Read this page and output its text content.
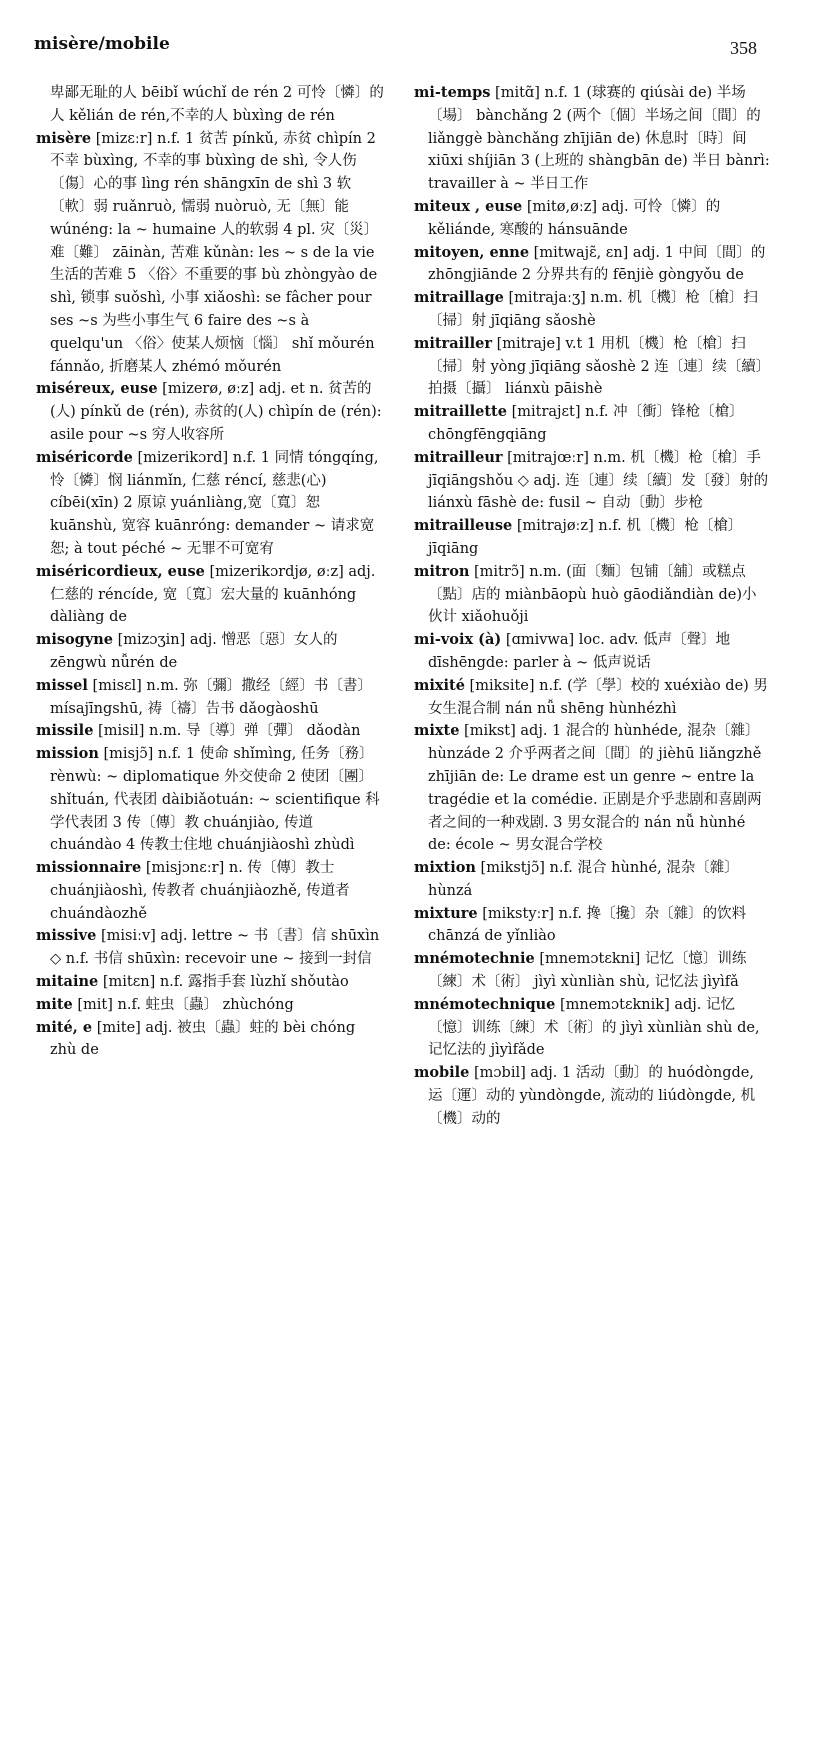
misère/mobile	358

卑鄙无耻的人 bēibǐ wúchǐ de rén 2 可怜〔憐〕的人 kělián de rén,不幸的人 bùxìng de rén

misère [mizɛːr] n.f. 1 贫苦 pínkǔ, 赤贫 chìpín 2 不幸 bùxìng, 不幸的事 bùxìng de shì, 令人伤〔傷〕心的事 lìng rén shāngxīn de shì 3 软〔軟〕弱 ruǎnruò, 懦弱 nuòruò, 无〔無〕能 wúnéng: la ~ humaine 人的软弱 4 pl. 灾〔災〕难〔難〕 zāinàn, 苦难 kǔnàn: les ~ s de la vie 生活的苦难 5 〈俗〉不重要的事 bù zhòngyào de shì, 锁事 suǒshì, 小事 xiǎoshì: se fâcher pour ses ~s 为些小事生气 6 faire des ~s à quelqu'un 〈俗〉使某人烦恼〔惱〕 shǐ mǒurén fánnǎo, 折磨某人 zhémó mǒurén

miséreux, euse [mizerø, øːz] adj. et n. 贫苦的(人) pínkǔ de (rén), 赤贫的(人) chìpín de (rén): asile pour ~s 穷人收容所

miséricorde [mizerikɔrd] n.f. 1 同情 tóngqíng, 怜〔憐〕悯 liánmǐn, 仁慈 réncí, 慈悲(心) cíbēi(xīn) 2 原谅 yuánliàng,宽〔寬〕恕 kuānshù, 宽容 kuānróng: demander ~ 请求宽恕; à tout péché ~ 无罪不可宽宥

miséricordieux, euse [mizerikɔrdjø, øːz] adj. 仁慈的 réncíde, 宽〔寬〕宏大量的 kuānhóng dàliàng de

misogyne [mizɔʒin] adj. 憎恶〔惡〕女人的 zēngwù nǚrén de

missel [misɛl] n.m. 弥〔彌〕撒经〔經〕书〔書〕 mísajīngshū, 祷〔禱〕告书 dǎogàoshū

missile [misil] n.m. 导〔導〕弹〔彈〕 dǎodàn

mission [misjɔ̃] n.f. 1 使命 shǐmìng, 任务〔務〕 rènwù: ~ diplomatique 外交使命 2 使团〔團〕 shǐtuán, 代表团 dàibiǎotuán: ~ scientifique 科学代表团 3 传〔傳〕教 chuánjiào, 传道 chuándào 4 传教士住地 chuánjiàoshì zhùdì

missionnaire [misjɔnɛːr] n. 传〔傳〕教士 chuánjiàoshì, 传教者 chuánjiàozhě, 传道者 chuándàozhě

missive [misiːv] adj. lettre ~ 书〔書〕信 shūxìn ◇ n.f. 书信 shūxìn: recevoir une ~ 接到一封信

mitaine [mitɛn] n.f. 露指手套 lùzhǐ shǒutào

mite [mit] n.f. 蛀虫〔蟲〕 zhùchóng

mité, e [mite] adj. 被虫〔蟲〕蛀的 bèi chóng zhù de

mi-temps [mitɑ̃] n.f. 1 (球赛的 qiúsài de) 半场〔場〕 bànchǎng 2 (两个〔個〕半场之间〔間〕的 liǎnggè bànchǎng zhījiān de) 休息时〔時〕间 xiūxi shíjiān 3 (上班的 shàngbān de) 半日 bànrì: travailler à ~ 半日工作

miteux , euse [mitø,øːz] adj. 可怜〔憐〕的 kěliánde, 寒酸的 hánsuānde

mitoyen, enne [mitwajɛ̃, ɛn] adj. 1 中间〔間〕的 zhōngjiānde 2 分界共有的 fēnjiè gòngyǒu de

mitraillage [mitrajaːʒ] n.m. 机〔機〕枪〔槍〕扫〔掃〕射 jīqiāng sǎoshè

mitrailler [mitraje] v.t 1 用机〔機〕枪〔槍〕扫〔掃〕射 yòng jīqiāng sǎoshè 2 连〔連〕续〔續〕拍摄〔攝〕 liánxù pāishè

mitraillette [mitrajɛt] n.f. 冲〔衝〕锋枪〔槍〕 chōngfēngqiāng

mitrailleur [mitrajœːr] n.m. 机〔機〕枪〔槍〕手 jīqiāngshǒu ◇ adj. 连〔連〕续〔續〕发〔發〕射的 liánxù fāshè de: fusil ~ 自动〔動〕步枪

mitrailleuse [mitrajøːz] n.f. 机〔機〕枪〔槍〕 jīqiāng

mitron [mitrɔ̃] n.m. (面〔麵〕包铺〔舖〕或糕点〔點〕店的 miànbāopù huò gāodiǎndiàn de)小伙计 xiǎohuǒji

mi-voix (à) [ɑmivwa] loc. adv. 低声〔聲〕地 dīshēngde: parler à ~ 低声说话

mixité [miksite] n.f. (学〔學〕校的 xuéxiào de) 男女生混合制 nán nǚ shēng hùnhézhì

mixte [mikst] adj. 1 混合的 hùnhéde, 混杂〔雜〕 hùnzáde 2 介乎两者之间〔間〕的 jièhū liǎngzhě zhījiān de: Le drame est un genre ~ entre la tragédie et la comédie. 正剧是介乎悲剧和喜剧两者之间的一种戏剧. 3 男女混合的 nán nǚ hùnhé de: école ~ 男女混合学校

mixtion [mikstjɔ̃] n.f. 混合 hùnhé, 混杂〔雜〕 hùnzá

mixture [mikstyːr] n.f. 搀〔攙〕杂〔雜〕的饮料 chānzá de yǐnliào

mnémotechnie [mnemɔtɛkni] 记忆〔憶〕训练〔練〕术〔術〕 jìyì xùnliàn shù, 记忆法 jìyìfǎ

mnémotechnique [mnemɔtɛknik] adj. 记忆〔憶〕训练〔練〕术〔術〕的 jìyì xùnliàn shù de, 记忆法的 jìyìfǎde

mobile [mɔbil] adj. 1 活动〔動〕的 huódòngde, 运〔運〕动的 yùndòngde, 流动的 liúdòngde, 机〔機〕动的
